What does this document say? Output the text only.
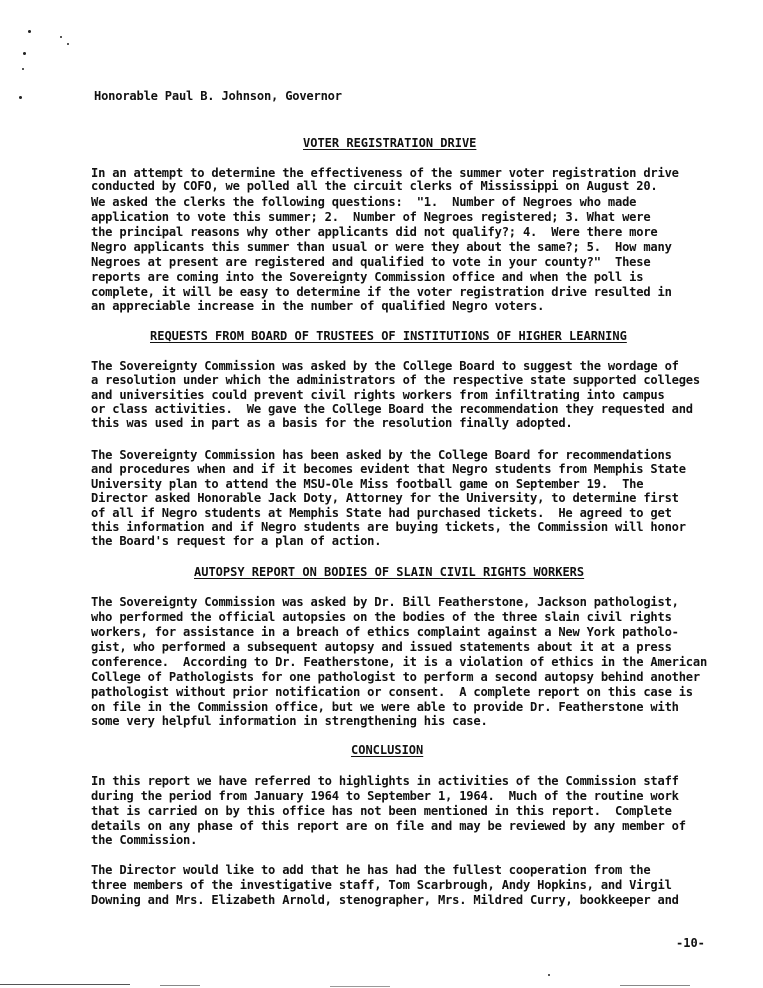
Honorable Paul B. Johnson, Governor
VOTER REGISTRATION DRIVE
In an attempt to determine the effectiveness of the summer voter registration drive
conducted by COFO, we polled all the circuit clerks of Mississippi on August 20.
We asked the clerks the following questions:  "1.  Number of Negroes who made
application to vote this summer; 2.  Number of Negroes registered; 3. What were
the principal reasons why other applicants did not qualify?; 4.  Were there more
Negro applicants this summer than usual or were they about the same?; 5.  How many
Negroes at present are registered and qualified to vote in your county?"  These
reports are coming into the Sovereignty Commission office and when the poll is
complete, it will be easy to determine if the voter registration drive resulted in
an appreciable increase in the number of qualified Negro voters.
REQUESTS FROM BOARD OF TRUSTEES OF INSTITUTIONS OF HIGHER LEARNING
The Sovereignty Commission was asked by the College Board to suggest the wordage of
a resolution under which the administrators of the respective state supported colleges
and universities could prevent civil rights workers from infiltrating into campus
or class activities.  We gave the College Board the recommendation they requested and
this was used in part as a basis for the resolution finally adopted.
The Sovereignty Commission has been asked by the College Board for recommendations
and procedures when and if it becomes evident that Negro students from Memphis State
University plan to attend the MSU-Ole Miss football game on September 19.  The
Director asked Honorable Jack Doty, Attorney for the University, to determine first
of all if Negro students at Memphis State had purchased tickets.  He agreed to get
this information and if Negro students are buying tickets, the Commission will honor
the Board's request for a plan of action.
AUTOPSY REPORT ON BODIES OF SLAIN CIVIL RIGHTS WORKERS
The Sovereignty Commission was asked by Dr. Bill Featherstone, Jackson pathologist,
who performed the official autopsies on the bodies of the three slain civil rights
workers, for assistance in a breach of ethics complaint against a New York patholo-
gist, who performed a subsequent autopsy and issued statements about it at a press
conference.  According to Dr. Featherstone, it is a violation of ethics in the American
College of Pathologists for one pathologist to perform a second autopsy behind another
pathologist without prior notification or consent.  A complete report on this case is
on file in the Commission office, but we were able to provide Dr. Featherstone with
some very helpful information in strengthening his case.
CONCLUSION
In this report we have referred to highlights in activities of the Commission staff
during the period from January 1964 to September 1, 1964.  Much of the routine work
that is carried on by this office has not been mentioned in this report.  Complete
details on any phase of this report are on file and may be reviewed by any member of
the Commission.
The Director would like to add that he has had the fullest cooperation from the
three members of the investigative staff, Tom Scarbrough, Andy Hopkins, and Virgil
Downing and Mrs. Elizabeth Arnold, stenographer, Mrs. Mildred Curry, bookkeeper and
-10-
